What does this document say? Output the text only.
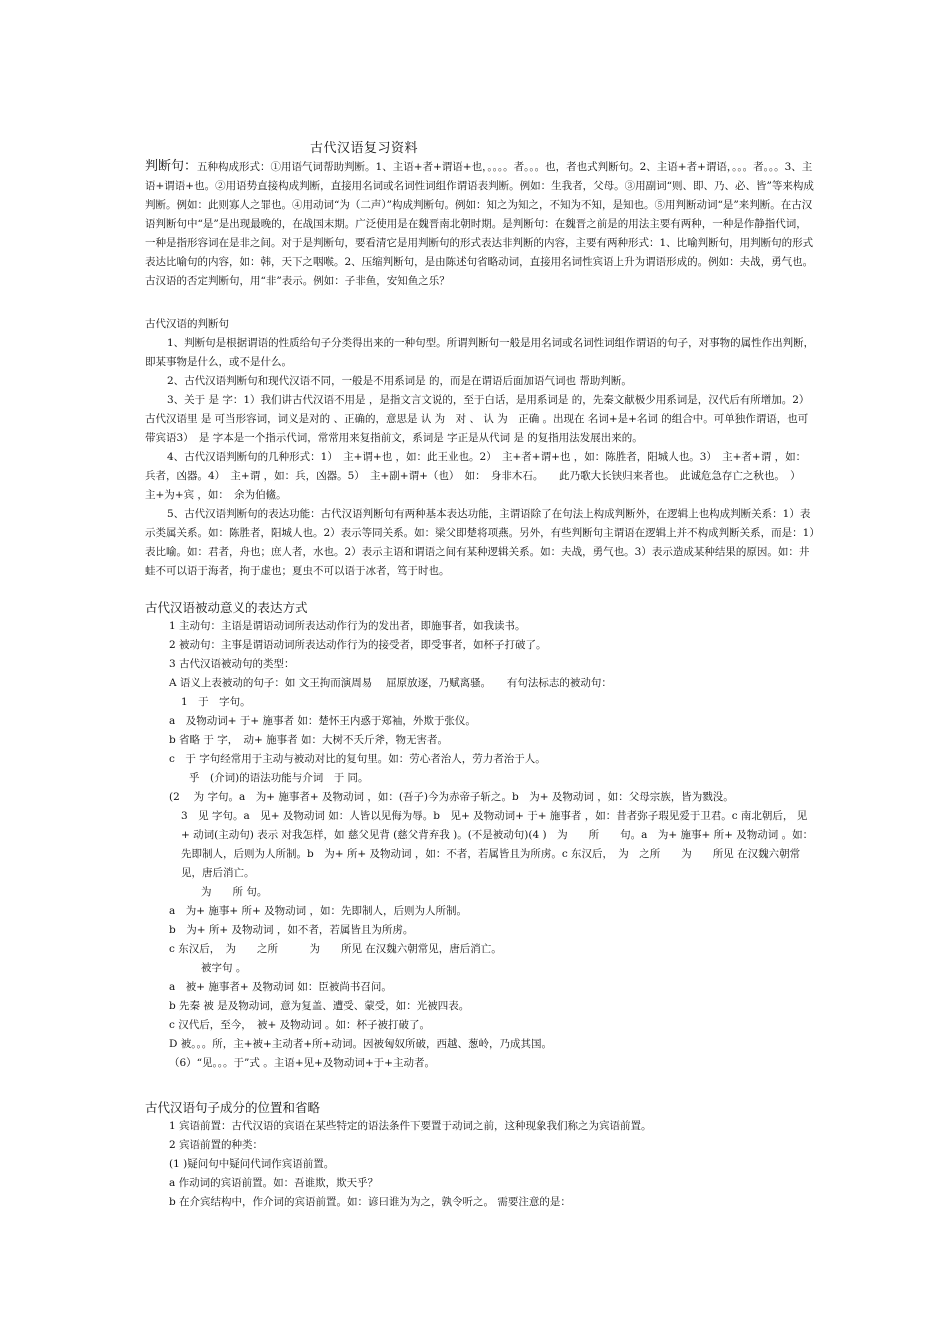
古代汉语复习资料

判断句：五种构成形式：①用语气词帮助判断。1、主语+者+谓语+也，。。。。者。。。也，者也式判断句。2、主语+者+谓语，。。。者。。。3、主语+谓语+也。②用语势直接构成判断，直接用名词或名词性词组作谓语表判断。例如：生我者，父母。③用副词“则、即、乃、必、皆”等来构成判断。例如：此则寡人之罪也。④用动词“为（二声）”构成判断句。例如：知之为知之，不知为不知，是知也。⑤用判断动词“是”来判断。在古汉语判断句中“是”是出现最晚的，在战国末期。广泛使用是在魏晋南北朝时期。是判断句：在魏晋之前是的用法主要有两种，一种是作静指代词，一种是指形容词在是非之间。对于是判断句，要看清它是用判断句的形式表达非判断的内容，主要有两种形式：1、比喻判断句，用判断句的形式表达比喻句的内容，如：韩，天下之咽喉。2、压缩判断句，是由陈述句省略动词，直接用名词性宾语上升为谓语形成的。例如：夫战，勇气也。　　古汉语的否定判断句，用“非”表示。例如：子非鱼，安知鱼之乐？

古代汉语的判断句

1、判断句是根据谓语的性质给句子分类得出来的一种句型。所谓判断句一般是用名词或名词性词组作谓语的句子，对事物的属性作出判断，即某事物是什么，或不是什么。

2、古代汉语判断句和现代汉语不同，一般是不用系词是 的，而是在谓语后面加语气词也 帮助判断。

3、关于 是 字：1）我们讲古代汉语不用是 ，是指文言文说的，至于白话，是用系词是 的，先秦文献极少用系词是，汉代后有所增加。2）古代汉语里 是 可当形容词，词义是对的 、正确的，意思是 认 为　对 、 认 为　正确 。出现在 名词+是+名词 的组合中。可单独作谓语，也可带宾语3）　是 字本是一个指示代词，常常用来复指前文，系词是 字正是从代词 是 的复指用法发展出来的。

4、古代汉语判断句的几种形式：1）　主+谓+也 ，如：此王业也。2）　主+者+谓+也 ，如：陈胜者，阳城人也。3）　主+者+谓 ，如：兵者，凶器。4）　主+谓 ，如：兵，凶器。5）　主+副+谓+（也）　如：　身非木石。　　此乃歌大长铗归来者也。　此诚危急存亡之秋也。　）　主+为+宾 ，如：　余为伯鯈。

5、古代汉语判断句的表达功能：古代汉语判断句有两种基本表达功能，主谓语除了在句法上构成判断外，在逻辑上也构成判断关系：1）表示类属关系。如：陈胜者，阳城人也。2）表示等同关系。如：梁父即楚将项燕。另外，有些判断句主谓语在逻辑上并不构成判断关系，而是：1）表比喻。如：君者，舟也；庶人者，水也。2）表示主语和谓语之间有某种逻辑关系。如：夫战，勇气也。3）表示造成某种结果的原因。如：井蛙不可以语于海者，拘于虚也；夏虫不可以语于冰者，笃于时也。

古代汉语被动意义的表达方式

1 主动句：主语是谓语动词所表达动作行为的发出者，即施事者，如我读书。

2 被动句：主事是谓语动词所表达动作行为的接受者，即受事者，如杯子打破了。

3 古代汉语被动句的类型：

A 语义上表被动的句子：如 文王拘而演周易　 屈原放逐，乃赋离骚。　　有句法标志的被动句：

1　于　字句。

a　及物动词+ 于+ 施事者 如：楚怀王内惑于郑袖，外欺于张仪。

b 省略 于 字，　动+ 施事者 如：大树不夭斤斧，物无害者。

c　于 字句经常用于主动与被动对比的复句里。如：劳心者治人，劳力者治于人。

乎　(介词)的语法功能与介词　于 同。

(2　 为 字句。a　为+ 施事者+ 及物动词 ，如：(吾子)今为赤帝子斩之。b　为+ 及物动词 ，如：父母宗族，皆为戮没。

3　见 字句。a　见+ 及物动词 如：人皆以见侮为辱。b　见+ 及物动词+ 于+ 施事者 ，如：昔者弥子瑕见爱于卫君。c 南北朝后， 见+ 动词(主动句) 表示 对我怎样，如 慈父见背 (慈父背弃我 )。(不是被动句)(4 )　为　　所　　句。a　为+ 施事+ 所+ 及物动词 。如：先即制人，后则为人所制。b　为+ 所+ 及物动词 ，如：不者，若属皆且为所虏。c 东汉后，　为　之所　　为　　所见 在汉魏六朝常见，唐后消亡。

为　　所 句。

a　为+ 施事+ 所+ 及物动词 ，如：先即制人，后则为人所制。

b　为+ 所+ 及物动词 ，如不者，若属皆且为所虏。

c 东汉后，　为　　之所　　　为　　所见 在汉魏六朝常见，唐后消亡。

被字句 。

a　被+ 施事者+ 及物动词 如：臣被尚书召问。

b 先秦 被 是及物动词，意为复盖、遭受、蒙受，如：光被四表。

c 汉代后，至今，　被+ 及物动词 。如：杯子被打破了。

D 被。。。所，主+被+主动者+所+动词。因被匈奴所破，西越、葱岭，乃成其国。

（6）“见。。。于”式 。主语+见+及物动词+于+主动者。

古代汉语句子成分的位置和省略

1 宾语前置：古代汉语的宾语在某些特定的语法条件下要置于动词之前，这种现象我们称之为宾语前置。

2 宾语前置的种类：

(1 )疑问句中疑问代词作宾语前置。

a 作动词的宾语前置。如：吾谁欺，欺天乎？

b 在介宾结构中，作介词的宾语前置。如：谚曰谁为为之，孰令听之。 需要注意的是：
